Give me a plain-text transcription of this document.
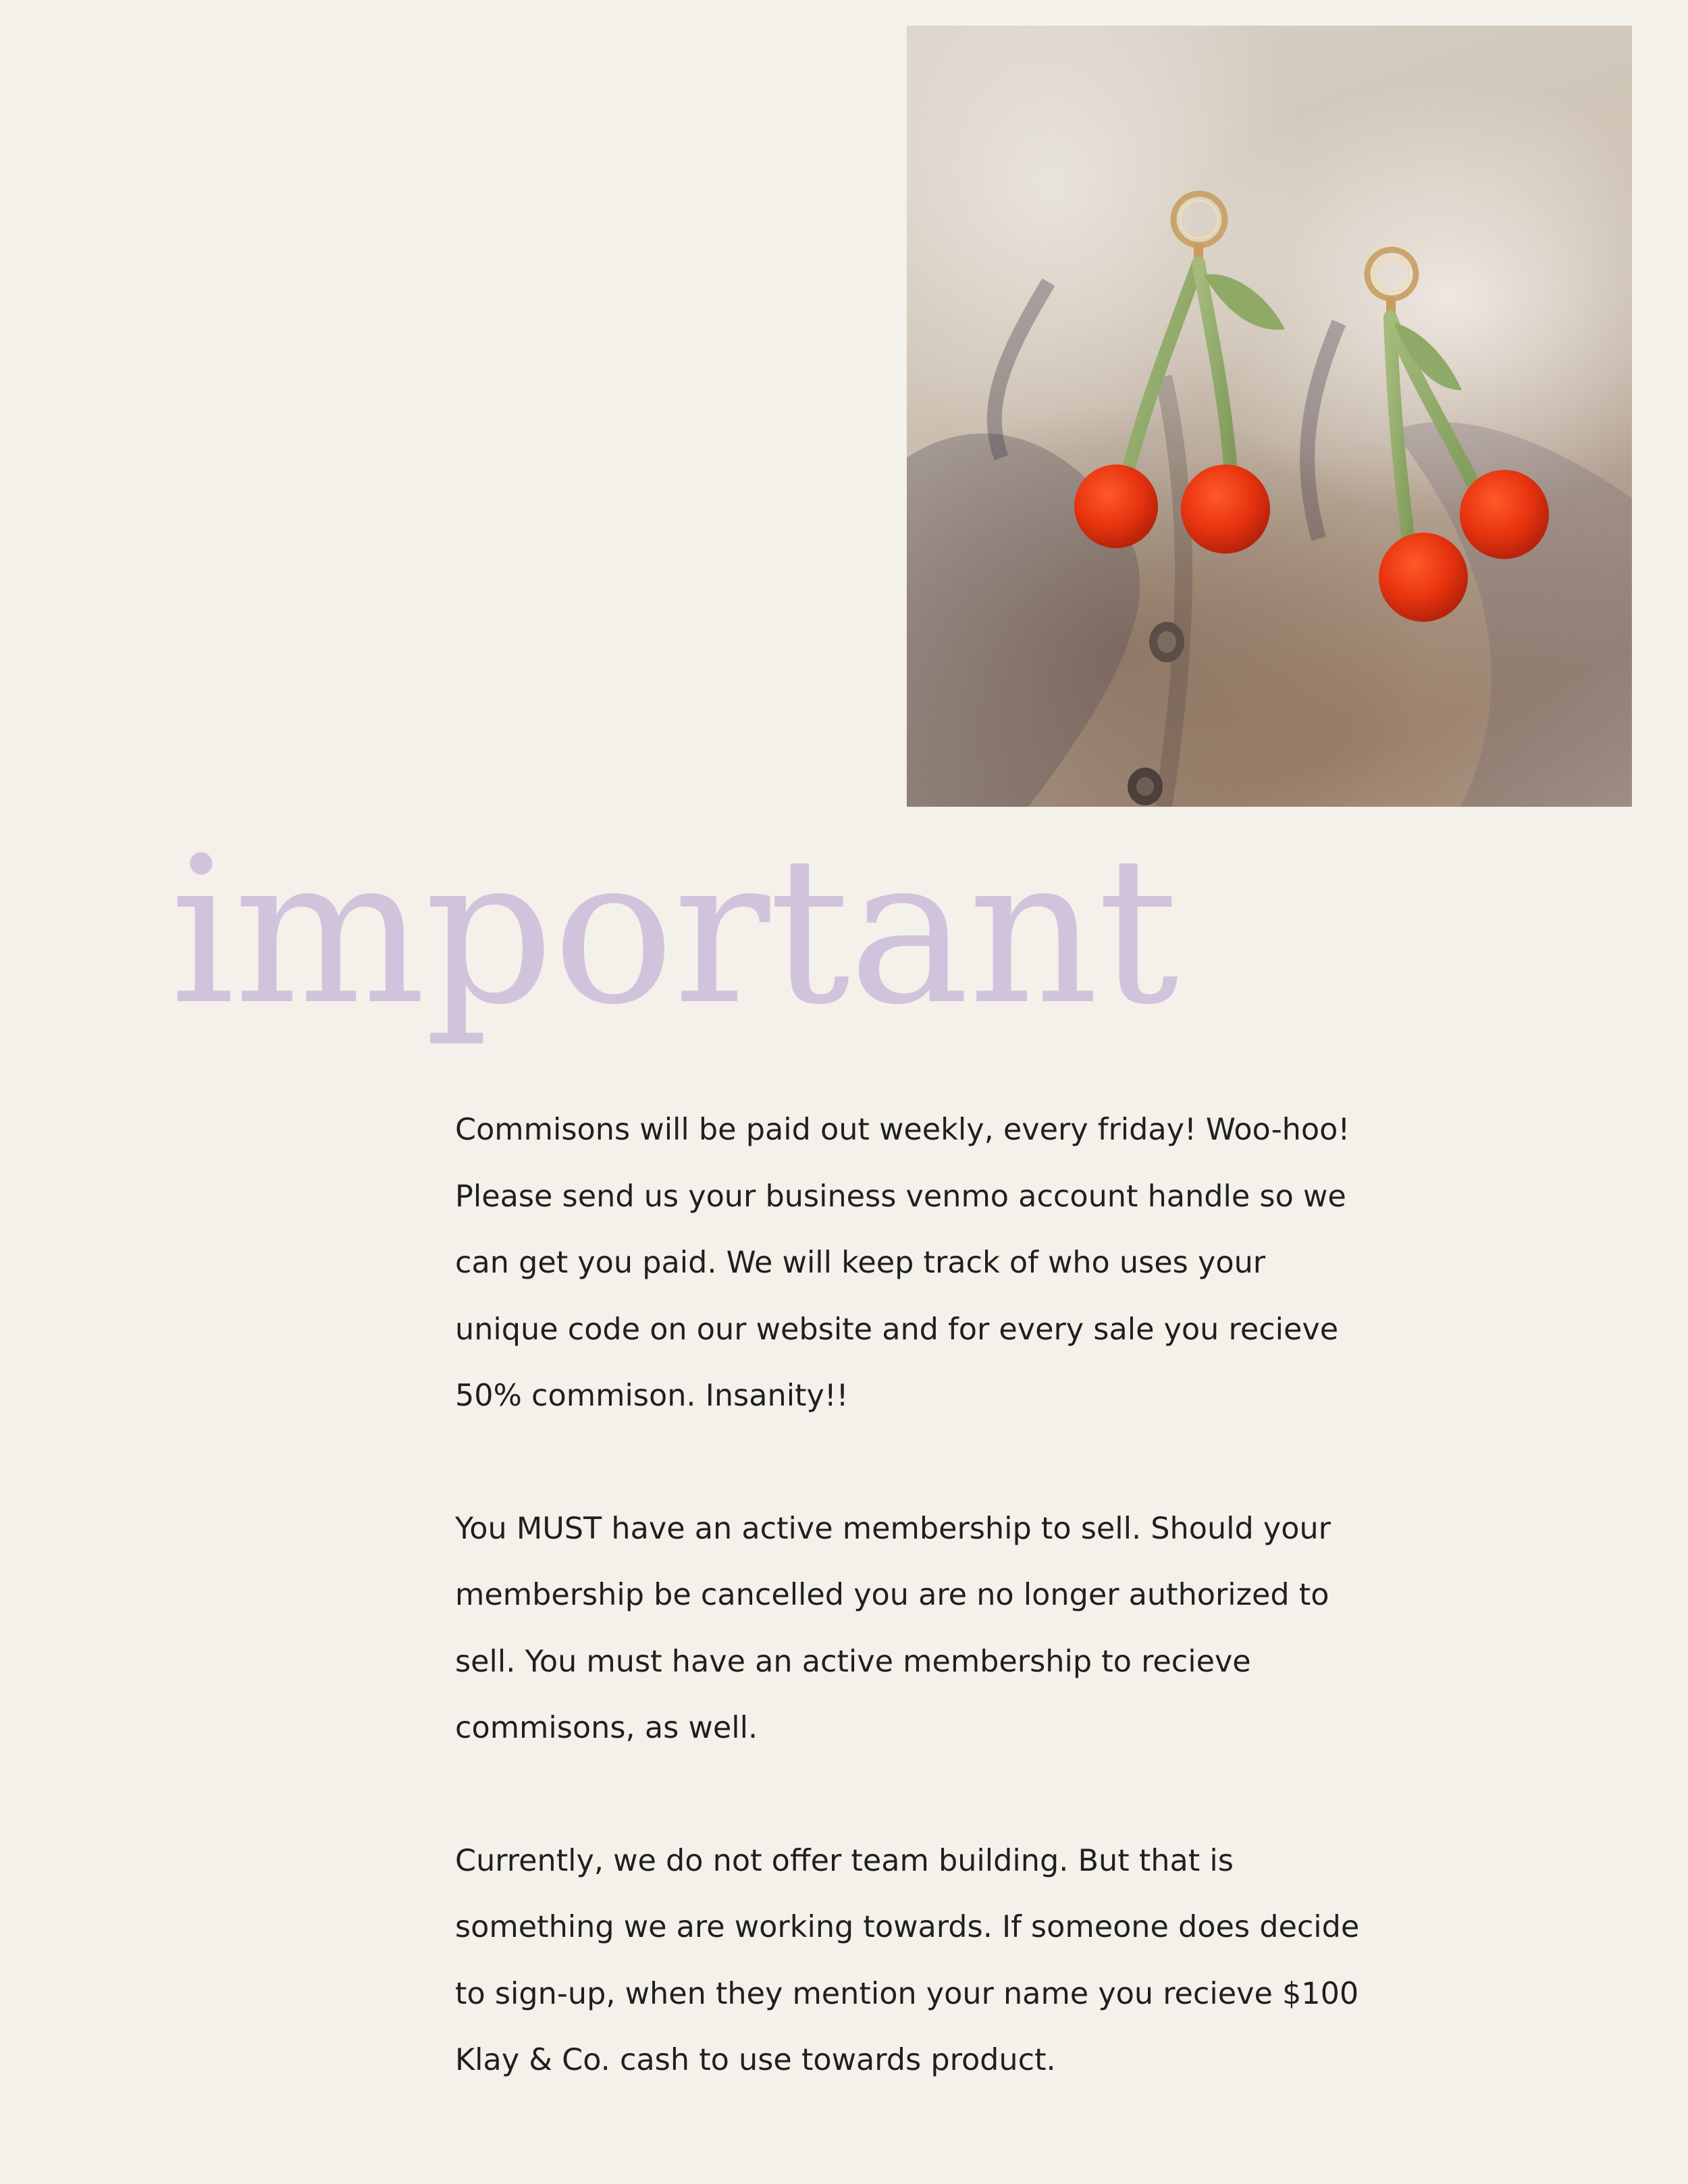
important

Commisons will be paid out weekly, every friday! Woo-hoo! Please send us your business venmo account handle so we can get you paid. We will keep track of who uses your unique code on our website and for every sale you recieve 50% commison. Insanity!!

You MUST have an active membership to sell. Should your membership be cancelled you are no longer authorized to sell. You must have an active membership to recieve commisons, as well.

Currently, we do not offer team building. But that is something we are working towards. If someone does decide to sign-up, when they mention your name you recieve $100 Klay & Co. cash to use towards product.
